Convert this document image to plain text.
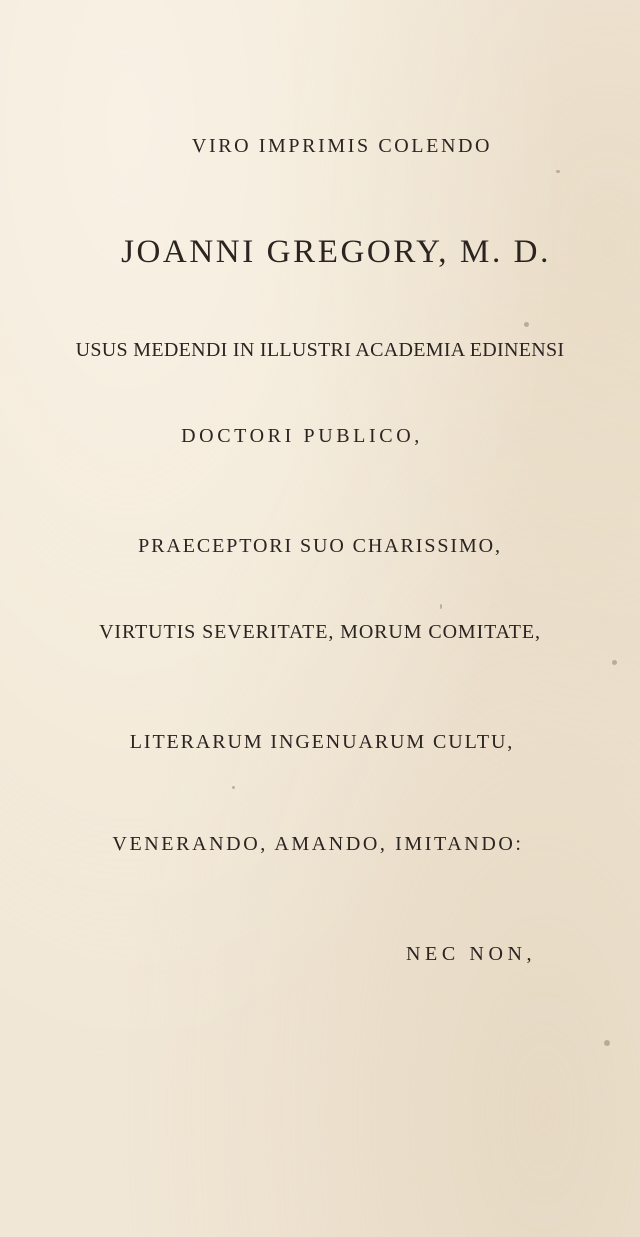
VIRO IMPRIMIS COLENDO
JOANNI GREGORY, M. D.
USUS MEDENDI IN ILLUSTRI ACADEMIA EDINENSI
DOCTORI PUBLICO,
PRAECEPTORI SUO CHARISSIMO,
VIRTUTIS SEVERITATE, MORUM COMITATE,
LITERARUM INGENUARUM CULTU,
VENERANDO, AMANDO, IMITANDO:
NEC NON,
